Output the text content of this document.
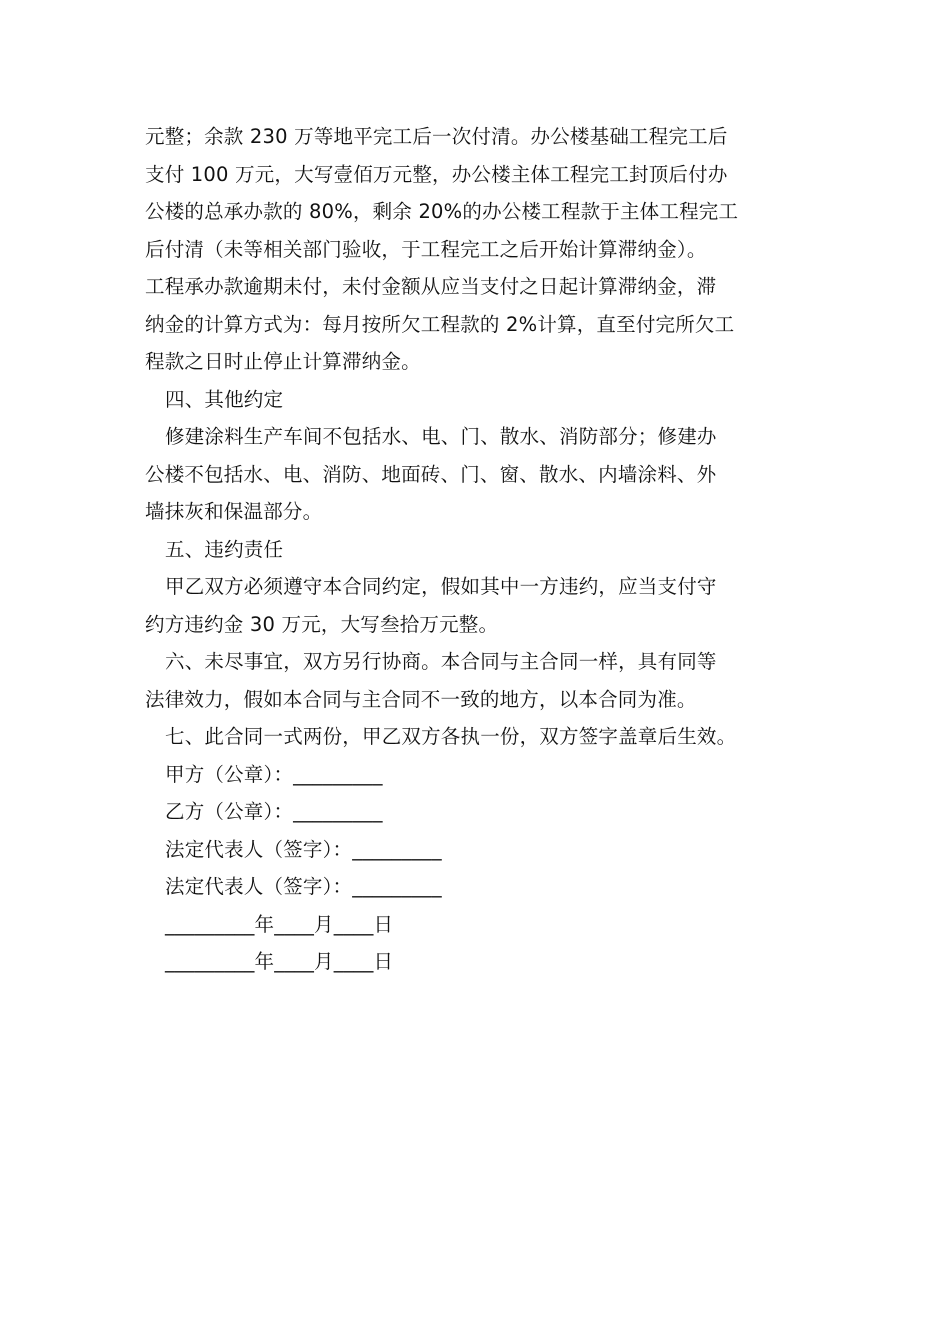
元整；余款 230 万等地平完工后一次付清。办公楼基础工程完工后
支付 100 万元，大写壹佰万元整，办公楼主体工程完工封顶后付办
公楼的总承办款的 80%，剩余 20%的办公楼工程款于主体工程完工
后付清（未等相关部门验收，于工程完工之后开始计算滞纳金）。
工程承办款逾期未付，未付金额从应当支付之日起计算滞纳金，滞
纳金的计算方式为：每月按所欠工程款的 2%计算，直至付完所欠工
程款之日时止停止计算滞纳金。
四、其他约定
修建涂料生产车间不包括水、电、门、散水、消防部分；修建办
公楼不包括水、电、消防、地面砖、门、窗、散水、内墙涂料、外
墙抹灰和保温部分。
五、违约责任
甲乙双方必须遵守本合同约定，假如其中一方违约，应当支付守
约方违约金 30 万元，大写叁拾万元整。
六、未尽事宜，双方另行协商。本合同与主合同一样，具有同等
法律效力，假如本合同与主合同不一致的地方，以本合同为准。
七、此合同一式两份，甲乙双方各执一份，双方签字盖章后生效。
甲方（公章）：_________
乙方（公章）：_________
法定代表人（签字）：_________
法定代表人（签字）：_________
_________年____月____日
_________年____月____日
